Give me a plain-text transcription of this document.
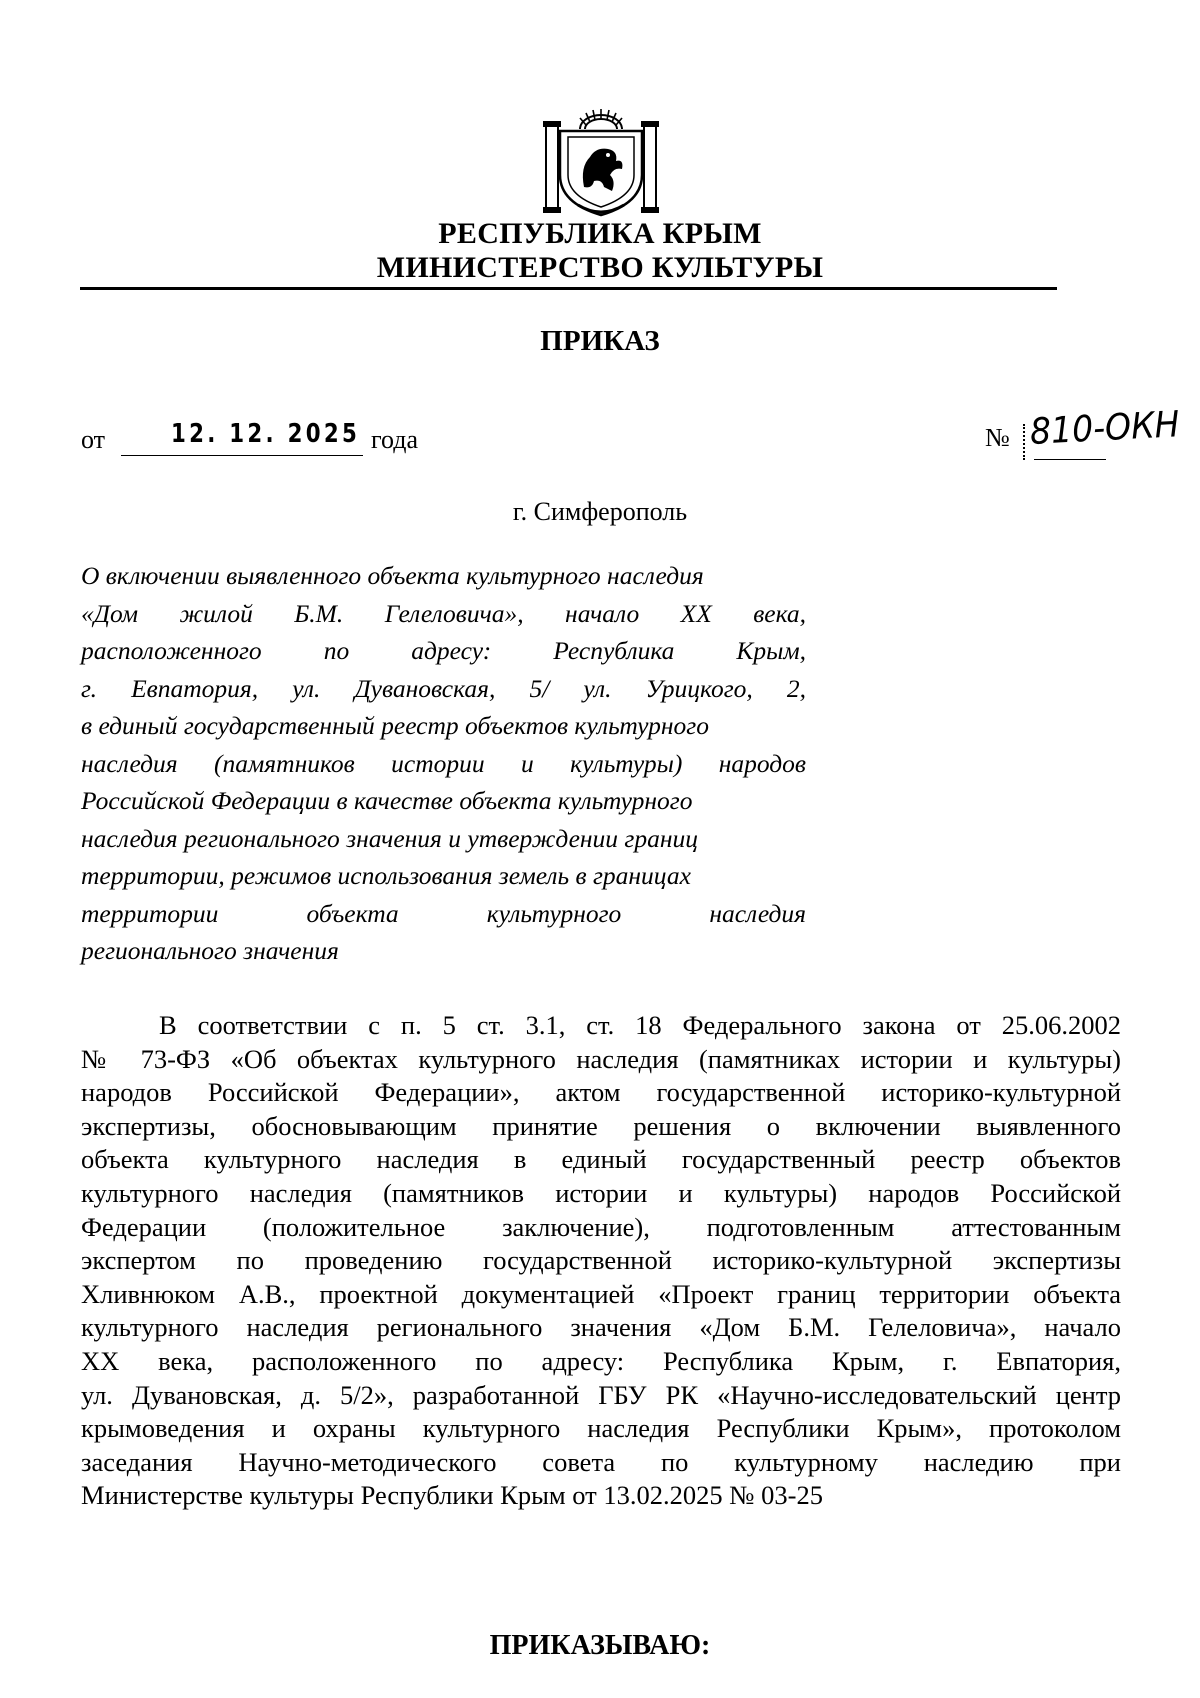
РЕСПУБЛИКА КРЫМ
МИНИСТЕРСТВО КУЛЬТУРЫ
ПРИКАЗ
от	12. 12. 2025 года	№ 810-ОКН
г. Симферополь
О включении выявленного объекта культурного наследия
«Дом жилой Б.М. Гелеловича», начало XX века,
расположенного по адресу: Республика Крым,
г. Евпатория, ул. Дувановская, 5/ ул. Урицкого, 2,
в единый государственный реестр объектов культурного
наследия (памятников истории и культуры) народов
Российской Федерации в качестве объекта культурного
наследия регионального значения и утверждении границ
территории, режимов использования земель в границах
территории объекта культурного наследия
регионального значения
В соответствии с п. 5 ст. 3.1, ст. 18 Федерального закона от 25.06.2002
№ 73-ФЗ «Об объектах культурного наследия (памятниках истории и культуры)
народов Российской Федерации», актом государственной историко-культурной
экспертизы, обосновывающим принятие решения о включении выявленного
объекта культурного наследия в единый государственный реестр объектов
культурного наследия (памятников истории и культуры) народов Российской
Федерации (положительное заключение), подготовленным аттестованным
экспертом по проведению государственной историко-культурной экспертизы
Хливнюком А.В., проектной документацией «Проект границ территории объекта
культурного наследия регионального значения «Дом Б.М. Гелеловича», начало
XX века, расположенного по адресу: Республика Крым, г. Евпатория,
ул. Дувановская, д. 5/2», разработанной ГБУ РК «Научно-исследовательский центр
крымоведения и охраны культурного наследия Республики Крым», протоколом
заседания Научно-методического совета по культурному наследию при
Министерстве культуры Республики Крым от 13.02.2025 № 03-25
ПРИКАЗЫВАЮ:
